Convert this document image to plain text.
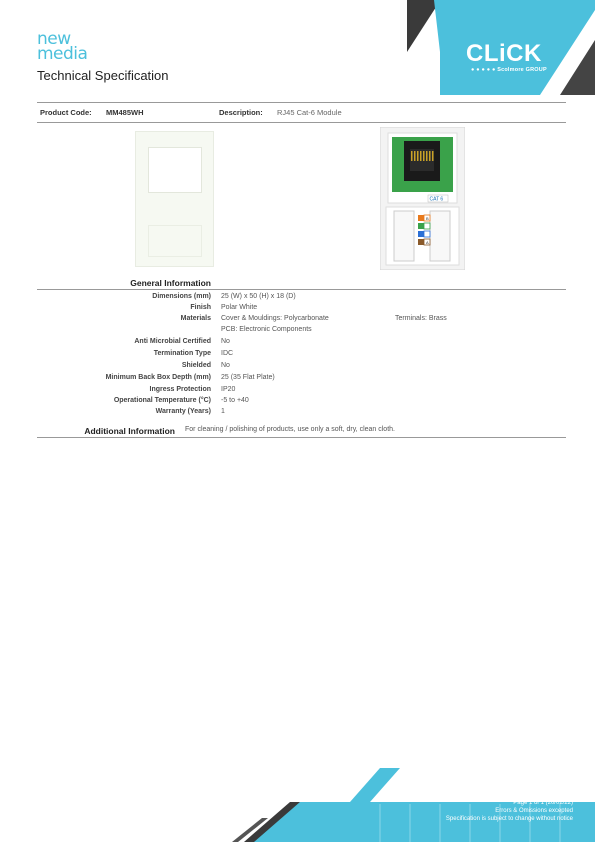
new
media
Technical Specification
CLiCK
● ● ● ● ● Scolmore GROUP
Product Code: MM485WH	Description: RJ45 Cat-6 Module
CAT 6
B
A
General Information
Dimensions (mm) 25 (W) x 50 (H) x 18 (D)
Finish Polar White
Materials Cover & Mouldings: Polycarbonate	Terminals: Brass
PCB: Electronic Components
Anti Microbial Certified No
Termination Type IDC
Shielded No
Minimum Back Box Depth (mm) 25 (35 Flat Plate)
Ingress Protection IP20
Operational Temperature (°C) -5 to +40
Warranty (Years) 1
Additional Information For cleaning / polishing of products, use only a soft, dry, clean cloth.
Page 1 of 1 (20/02/22)
Errors & Omissions excepted
Specification is subject to change without notice
